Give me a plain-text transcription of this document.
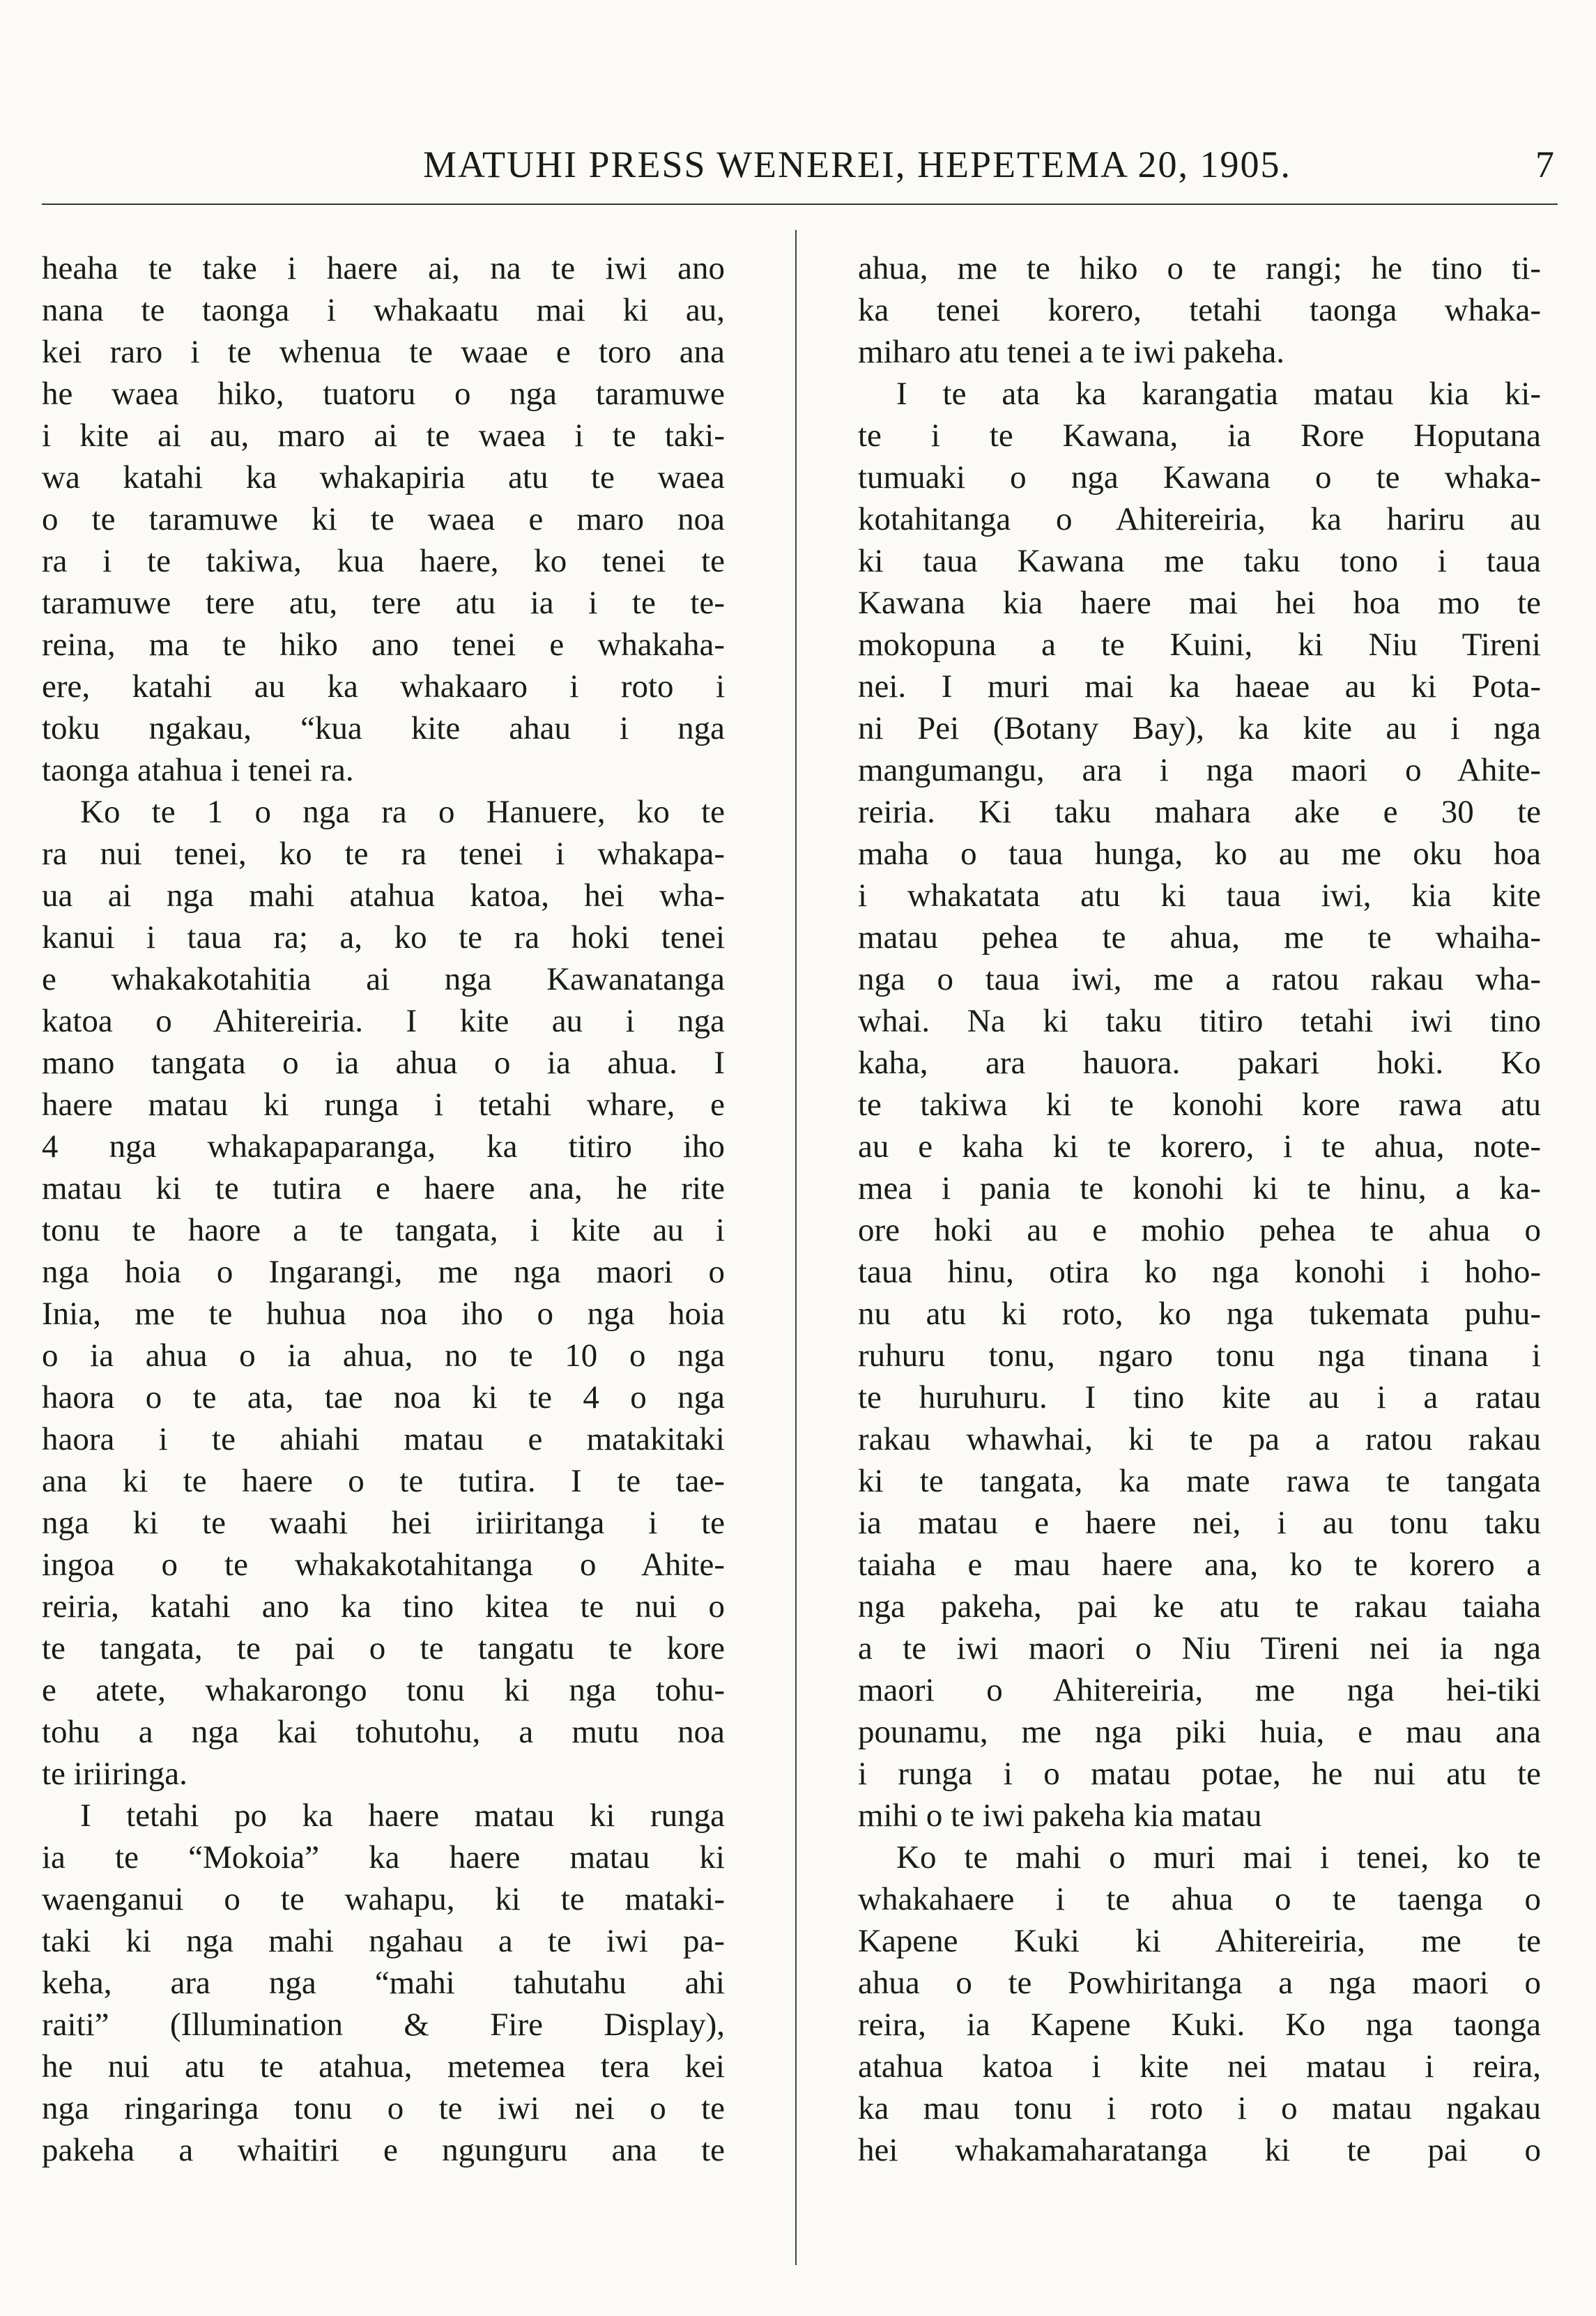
MATUHI PRESS WENEREI, HEPETEMA 20, 1905.	7
heaha te take i haere ai, na te iwi ano
nana te taonga i whakaatu mai ki au,
kei raro i te whenua te waae e toro ana
he waea hiko, tuatoru o nga taramuwe
i kite ai au, maro ai te waea i te taki-
wa katahi ka whakapiria atu te waea
o te taramuwe ki te waea e maro noa
ra i te takiwa, kua haere, ko tenei te
taramuwe tere atu, tere atu ia i te te-
reina, ma te hiko ano tenei e whakaha-
ere, katahi au ka whakaaro i roto i
toku ngakau, “kua kite ahau i nga
taonga atahua i tenei ra.
Ko te 1 o nga ra o Hanuere, ko te
ra nui tenei, ko te ra tenei i whakapa-
ua ai nga mahi atahua katoa, hei wha-
kanui i taua ra; a, ko te ra hoki tenei
e whakakotahitia ai nga Kawanatanga
katoa o Ahitereiria. I kite au i nga
mano tangata o ia ahua o ia ahua. I
haere matau ki runga i tetahi whare, e
4 nga whakapaparanga, ka titiro iho
matau ki te tutira e haere ana, he rite
tonu te haore a te tangata, i kite au i
nga hoia o Ingarangi, me nga maori o
Inia, me te huhua noa iho o nga hoia
o ia ahua o ia ahua, no te 10 o nga
haora o te ata, tae noa ki te 4 o nga
haora i te ahiahi matau e matakitaki
ana ki te haere o te tutira. I te tae-
nga ki te waahi hei iriiritanga i te
ingoa o te whakakotahitanga o Ahite-
reiria, katahi ano ka tino kitea te nui o
te tangata, te pai o te tangatu te kore
e atete, whakarongo tonu ki nga tohu-
tohu a nga kai tohutohu, a mutu noa
te iriiringa.
I tetahi po ka haere matau ki runga
ia te “Mokoia” ka haere matau ki
waenganui o te wahapu, ki te mataki-
taki ki nga mahi ngahau a te iwi pa-
keha, ara nga “mahi tahutahu ahi
raiti” (Illumination & Fire Display),
he nui atu te atahua, metemea tera kei
nga ringaringa tonu o te iwi nei o te
pakeha a whaitiri e ngunguru ana te
ahua, me te hiko o te rangi; he tino ti-
ka tenei korero, tetahi taonga whaka-
miharo atu tenei a te iwi pakeha.
I te ata ka karangatia matau kia ki-
te i te Kawana, ia Rore Hoputana
tumuaki o nga Kawana o te whaka-
kotahitanga o Ahitereiria, ka hariru au
ki taua Kawana me taku tono i taua
Kawana kia haere mai hei hoa mo te
mokopuna a te Kuini, ki Niu Tireni
nei. I muri mai ka haeae au ki Pota-
ni Pei (Botany Bay), ka kite au i nga
mangumangu, ara i nga maori o Ahite-
reiria. Ki taku mahara ake e 30 te
maha o taua hunga, ko au me oku hoa
i whakatata atu ki taua iwi, kia kite
matau pehea te ahua, me te whaiha-
nga o taua iwi, me a ratou rakau wha-
whai. Na ki taku titiro tetahi iwi tino
kaha, ara hauora. pakari hoki. Ko
te takiwa ki te konohi kore rawa atu
au e kaha ki te korero, i te ahua, note-
mea i pania te konohi ki te hinu, a ka-
ore hoki au e mohio pehea te ahua o
taua hinu, otira ko nga konohi i hoho-
nu atu ki roto, ko nga tukemata puhu-
ruhuru tonu, ngaro tonu nga tinana i
te huruhuru. I tino kite au i a ratau
rakau whawhai, ki te pa a ratou rakau
ki te tangata, ka mate rawa te tangata
ia matau e haere nei, i au tonu taku
taiaha e mau haere ana, ko te korero a
nga pakeha, pai ke atu te rakau taiaha
a te iwi maori o Niu Tireni nei ia nga
maori o Ahitereiria, me nga hei-tiki
pounamu, me nga piki huia, e mau ana
i runga i o matau potae, he nui atu te
mihi o te iwi pakeha kia matau
Ko te mahi o muri mai i tenei, ko te
whakahaere i te ahua o te taenga o
Kapene Kuki ki Ahitereiria, me te
ahua o te Powhiritanga a nga maori o
reira, ia Kapene Kuki. Ko nga taonga
atahua katoa i kite nei matau i reira,
ka mau tonu i roto i o matau ngakau
hei whakamaharatanga ki te pai o
